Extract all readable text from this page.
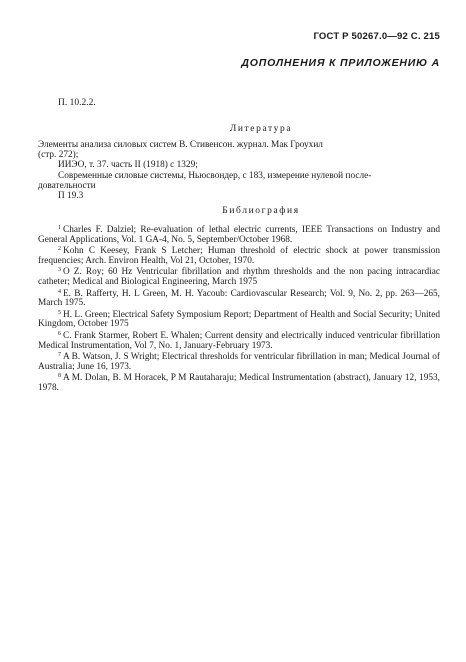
ГОСТ Р 50267.0—92 С. 215
ДОПОЛНЕНИЯ К ПРИЛОЖЕНИЮ А
П. 10.2.2.
Литература

Элементы анализа силовых систем В. Стивенсон. журнал. Мак Гроухил

(стр. 272);

ИИЭО, т. 37. часть II (1918) с 1329;

Современные силовые системы, Ньюсвондер, с 183, измерение нулевой после-

довательности

П 19.3

Библиография

$^1$ Charles F. Dalziel; Re-evaluation of lethal electric currents, IEEE Transactions on Industry and General Applications, Vol. 1 GA-4, No. 5, September/October 1968.

$^2$ Kohn C Keesey, Frank S Letcher; Human threshold of electric shock at power transmission frequencies; Arch. Environ Health, Vol 21, October, 1970.

$^3$ O Z. Roy; 60 Hz Ventricular fibrillation and rhythm thresholds and the non pacing intracardiac catheter; Medical and Biological Engineering, March 1975

$^4$ E. B. Rafferty, H. L Green, M. H. Yacoub: Cardiovascular Research; Vol. 9, No. 2, pp. 263—265, March 1975.

$^5$ H. L. Green; Electrical Safety Symposium Report; Department of Health and Social Security; United Kingdom, October 1975

$^6$ C. Frank Starmer, Robert E. Whalen; Current density and electrically induced ventricular fibrillation Medical Instrumentation, Vol 7, No. 1, January-February 1973.

$^7$ A B. Watson, J. S Wright; Electrical thresholds for ventricular fibrillation in man; Medical Journal of Australia; June 16, 1973.

$^8$ A M. Dolan, B. M Horacek, P M Rautaharaju; Medical Instrumentation (abstract), January 12, 1953, 1978.
